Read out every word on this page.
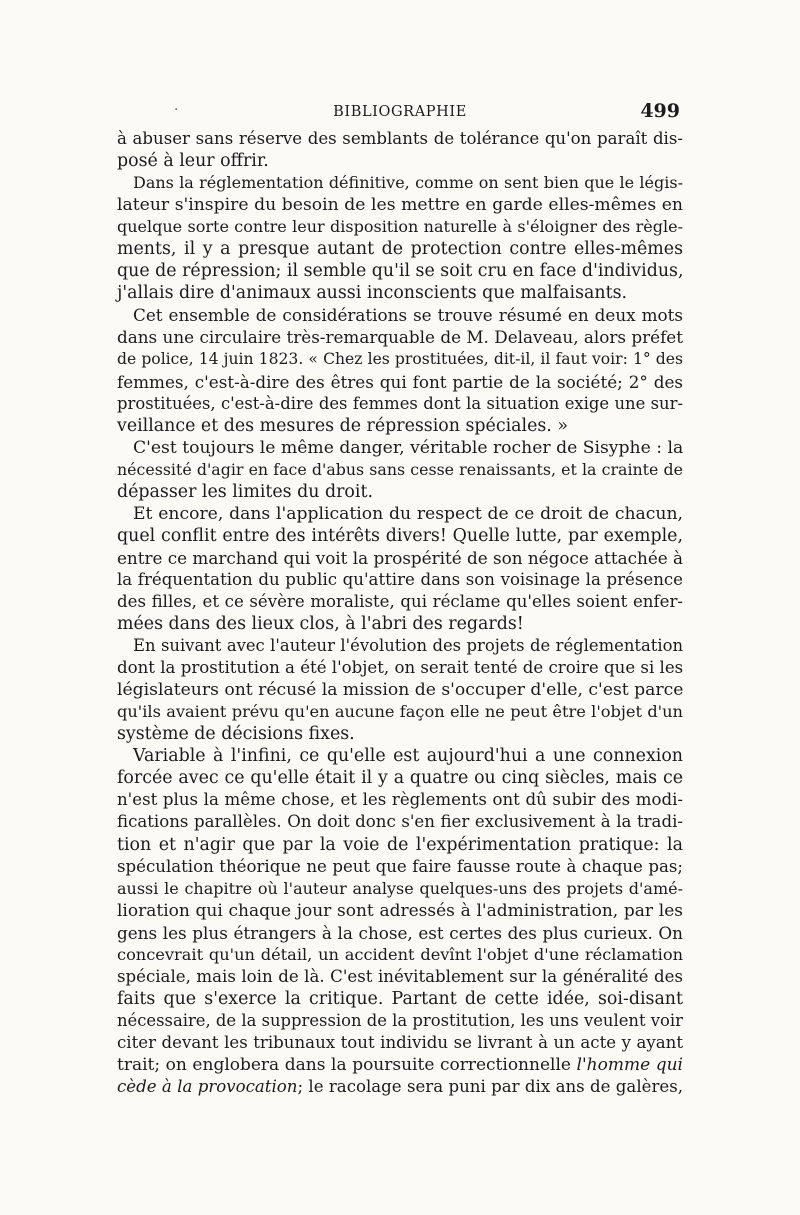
·	BIBLIOGRAPHIE	499
à abuser sans réserve des semblants de tolérance qu'on paraît dis-
posé à leur offrir.
Dans la réglementation définitive, comme on sent bien que le légis-
lateur s'inspire du besoin de les mettre en garde elles-mêmes en
quelque sorte contre leur disposition naturelle à s'éloigner des règle-
ments, il y a presque autant de protection contre elles-mêmes
que de répression; il semble qu'il se soit cru en face d'individus,
j'allais dire d'animaux aussi inconscients que malfaisants.
Cet ensemble de considérations se trouve résumé en deux mots
dans une circulaire très-remarquable de M. Delaveau, alors préfet
de police, 14 juin 1823. « Chez les prostituées, dit-il, il faut voir: 1° des
femmes, c'est-à-dire des êtres qui font partie de la société; 2° des
prostituées, c'est-à-dire des femmes dont la situation exige une sur-
veillance et des mesures de répression spéciales. »
C'est toujours le même danger, véritable rocher de Sisyphe : la
nécessité d'agir en face d'abus sans cesse renaissants, et la crainte de
dépasser les limites du droit.
Et encore, dans l'application du respect de ce droit de chacun,
quel conflit entre des intérêts divers! Quelle lutte, par exemple,
entre ce marchand qui voit la prospérité de son négoce attachée à
la fréquentation du public qu'attire dans son voisinage la présence
des filles, et ce sévère moraliste, qui réclame qu'elles soient enfer-
mées dans des lieux clos, à l'abri des regards!
En suivant avec l'auteur l'évolution des projets de réglementation
dont la prostitution a été l'objet, on serait tenté de croire que si les
législateurs ont récusé la mission de s'occuper d'elle, c'est parce
qu'ils avaient prévu qu'en aucune façon elle ne peut être l'objet d'un
système de décisions fixes.
Variable à l'infini, ce qu'elle est aujourd'hui a une connexion
forcée avec ce qu'elle était il y a quatre ou cinq siècles, mais ce
n'est plus la même chose, et les règlements ont dû subir des modi-
fications parallèles. On doit donc s'en fier exclusivement à la tradi-
tion et n'agir que par la voie de l'expérimentation pratique: la
spéculation théorique ne peut que faire fausse route à chaque pas;
aussi le chapitre où l'auteur analyse quelques-uns des projets d'amé-
lioration qui chaque jour sont adressés à l'administration, par les
gens les plus étrangers à la chose, est certes des plus curieux. On
concevrait qu'un détail, un accident devînt l'objet d'une réclamation
spéciale, mais loin de là. C'est inévitablement sur la généralité des
faits que s'exerce la critique. Partant de cette idée, soi-disant
nécessaire, de la suppression de la prostitution, les uns veulent voir
citer devant les tribunaux tout individu se livrant à un acte y ayant
trait; on englobera dans la poursuite correctionnelle l'homme qui
cède à la provocation; le racolage sera puni par dix ans de galères,
